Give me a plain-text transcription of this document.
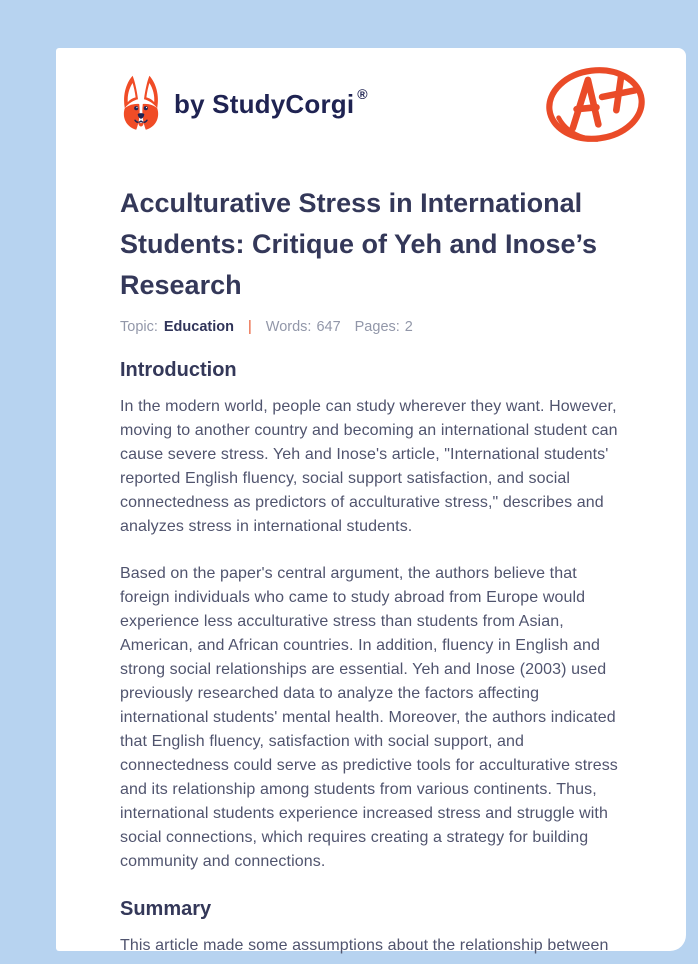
by StudyCorgi ®
Acculturative Stress in International Students: Critique of Yeh and Inose’s Research
Topic: Education | Words: 647 Pages: 2
Introduction

In the modern world, people can study wherever they want. However, moving to another country and becoming an international student can cause severe stress. Yeh and Inose's article, "International students' reported English fluency, social support satisfaction, and social connectedness as predictors of acculturative stress," describes and analyzes stress in international students.

Based on the paper's central argument, the authors believe that foreign individuals who came to study abroad from Europe would experience less acculturative stress than students from Asian, American, and African countries. In addition, fluency in English and strong social relationships are essential. Yeh and Inose (2003) used previously researched data to analyze the factors affecting international students' mental health. Moreover, the authors indicated that English fluency, satisfaction with social support, and connectedness could serve as predictive tools for acculturative stress and its relationship among students from various continents. Thus, international students experience increased stress and struggle with social connections, which requires creating a strategy for building community and connections.

Summary

This article made some assumptions about the relationship between
